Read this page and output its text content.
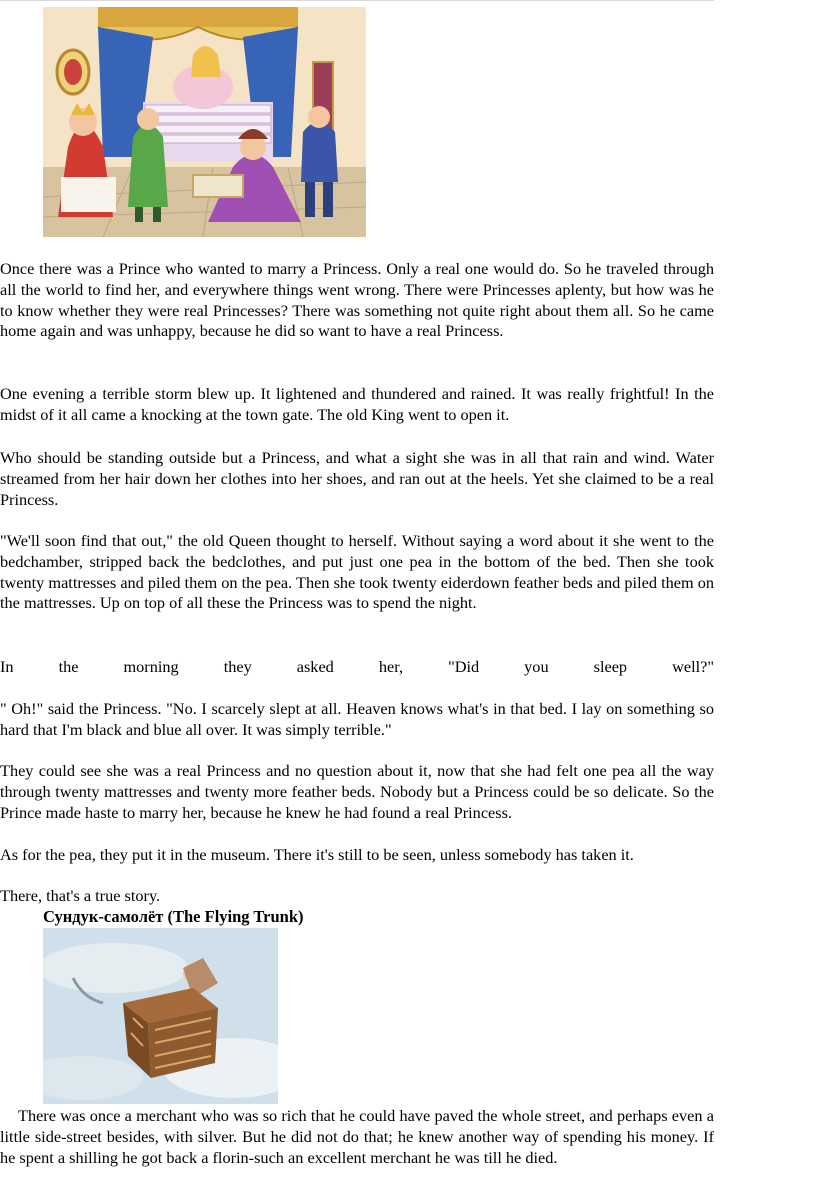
Once there was a Prince who wanted to marry a Princess. Only a real one would do. So he traveled through all the world to find her, and everywhere things went wrong. There were Princesses aplenty, but how was he to know whether they were real Princesses? There was something not quite right about them all. So he came home again and was unhappy, because he did so want to have a real Princess.
One evening a terrible storm blew up. It lightened and thundered and rained. It was really frightful! In the midst of it all came a knocking at the town gate. The old King went to open it.
Who should be standing outside but a Princess, and what a sight she was in all that rain and wind. Water streamed from her hair down her clothes into her shoes, and ran out at the heels. Yet she claimed to be a real Princess.
"We'll soon find that out," the old Queen thought to herself. Without saying a word about it she went to the bedchamber, stripped back the bedclothes, and put just one pea in the bottom of the bed. Then she took twenty mattresses and piled them on the pea. Then she took twenty eiderdown feather beds and piled them on the mattresses. Up on top of all these the Princess was to spend the night.
In the morning they asked her, "Did you sleep well?"
" Oh!" said the Princess. "No. I scarcely slept at all. Heaven knows what's in that bed. I lay on something so hard that I'm black and blue all over. It was simply terrible."
They could see she was a real Princess and no question about it, now that she had felt one pea all the way through twenty mattresses and twenty more feather beds. Nobody but a Princess could be so delicate. So the Prince made haste to marry her, because he knew he had found a real Princess.
As for the pea, they put it in the museum. There it's still to be seen, unless somebody has taken it.
There, that's a true story.
Сундук-самолёт (The Flying Trunk)
There was once a merchant who was so rich that he could have paved the whole street, and perhaps even a little side-street besides, with silver. But he did not do that; he knew another way of spending his money. If he spent a shilling he got back a florin-such an excellent merchant he was till he died.
